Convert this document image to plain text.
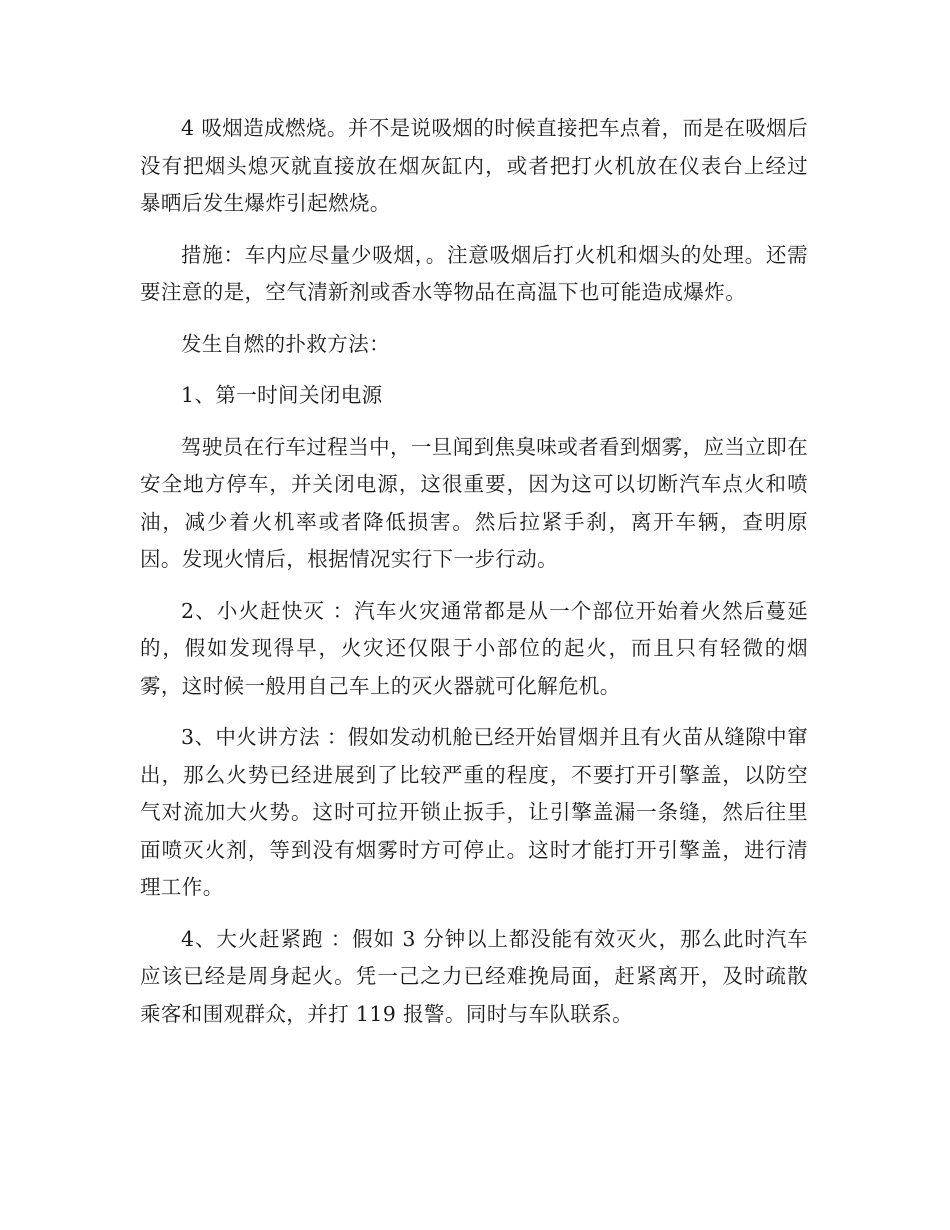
4 吸烟造成燃烧。并不是说吸烟的时候直接把车点着，而是在吸烟后没有把烟头熄灭就直接放在烟灰缸内，或者把打火机放在仪表台上经过暴晒后发生爆炸引起燃烧。

措施：车内应尽量少吸烟，。注意吸烟后打火机和烟头的处理。还需要注意的是，空气清新剂或香水等物品在高温下也可能造成爆炸。

发生自燃的扑救方法：

1、第一时间关闭电源

驾驶员在行车过程当中，一旦闻到焦臭味或者看到烟雾，应当立即在安全地方停车，并关闭电源，这很重要，因为这可以切断汽车点火和喷油，减少着火机率或者降低损害。然后拉紧手刹，离开车辆，查明原因。发现火情后，根据情况实行下一步行动。

2、小火赶快灭 ：汽车火灾通常都是从一个部位开始着火然后蔓延的，假如发现得早，火灾还仅限于小部位的起火，而且只有轻微的烟雾，这时候一般用自己车上的灭火器就可化解危机。

3、中火讲方法 ：假如发动机舱已经开始冒烟并且有火苗从缝隙中窜出，那么火势已经进展到了比较严重的程度，不要打开引擎盖，以防空气对流加大火势。这时可拉开锁止扳手，让引擎盖漏一条缝，然后往里面喷灭火剂，等到没有烟雾时方可停止。这时才能打开引擎盖，进行清理工作。

4、大火赶紧跑 ：假如 3 分钟以上都没能有效灭火，那么此时汽车应该已经是周身起火。凭一己之力已经难挽局面，赶紧离开，及时疏散乘客和围观群众，并打 119 报警。同时与车队联系。
